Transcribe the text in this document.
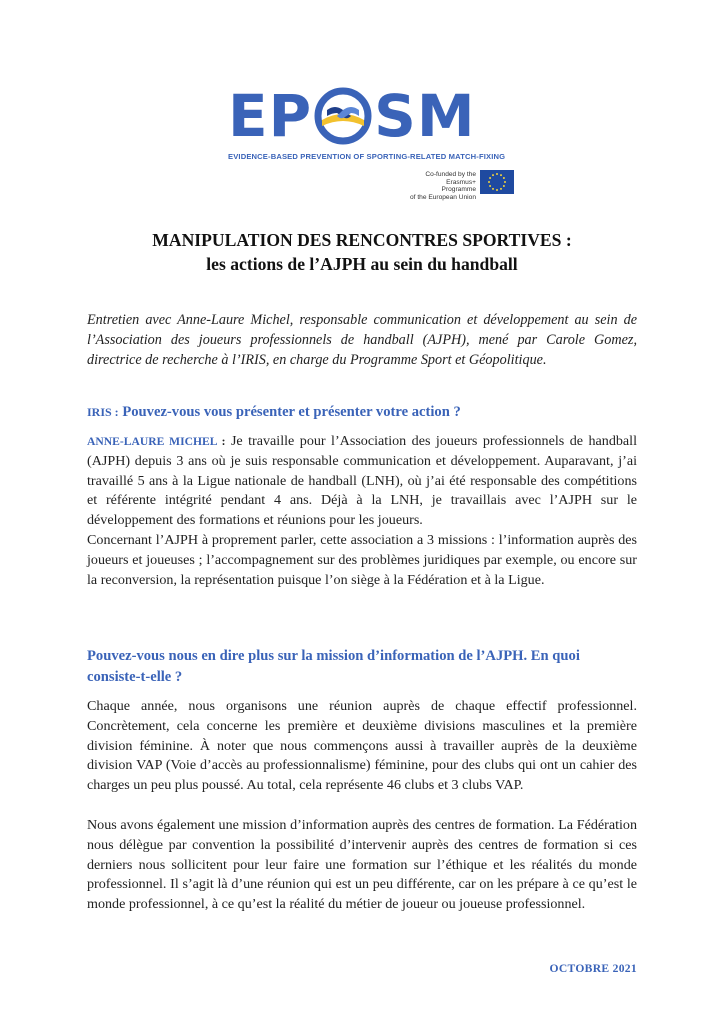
EP SM
EVIDENCE-BASED PREVENTION OF SPORTING-RELATED MATCH-FIXING
Co-funded by the
Erasmus+ Programme
of the European Union
MANIPULATION DES RENCONTRES SPORTIVES :
les actions de l’AJPH au sein du handball
Entretien avec Anne-Laure Michel, responsable communication et développement au sein de l’Association des joueurs professionnels de handball (AJPH), mené par Carole Gomez, directrice de recherche à l’IRIS, en charge du Programme Sport et Géopolitique.
IRIS : Pouvez-vous vous présenter et présenter votre action ?
ANNE-LAURE MICHEL : Je travaille pour l’Association des joueurs professionnels de handball (AJPH) depuis 3 ans où je suis responsable communication et développement. Auparavant, j’ai travaillé 5 ans à la Ligue nationale de handball (LNH), où j’ai été responsable des compétitions et référente intégrité pendant 4 ans. Déjà à la LNH, je travaillais avec l’AJPH sur le développement des formations et réunions pour les joueurs.
Concernant l’AJPH à proprement parler, cette association a 3 missions : l’information auprès des joueurs et joueuses ; l’accompagnement sur des problèmes juridiques par exemple, ou encore sur la reconversion, la représentation puisque l’on siège à la Fédération et à la Ligue.
Pouvez-vous nous en dire plus sur la mission d’information de l’AJPH. En quoi consiste-t-elle ?
Chaque année, nous organisons une réunion auprès de chaque effectif professionnel. Concrètement, cela concerne les première et deuxième divisions masculines et la première division féminine. À noter que nous commençons aussi à travailler auprès de la deuxième division VAP (Voie d’accès au professionnalisme) féminine, pour des clubs qui ont un cahier des charges un peu plus poussé. Au total, cela représente 46 clubs et 3 clubs VAP.
Nous avons également une mission d’information auprès des centres de formation. La Fédération nous délègue par convention la possibilité d’intervenir auprès des centres de formation si ces derniers nous sollicitent pour leur faire une formation sur l’éthique et les réalités du monde professionnel. Il s’agit là d’une réunion qui est un peu différente, car on les prépare à ce qu’est le monde professionnel, à ce qu’est la réalité du métier de joueur ou joueuse professionnel.
OCTOBRE 2021
